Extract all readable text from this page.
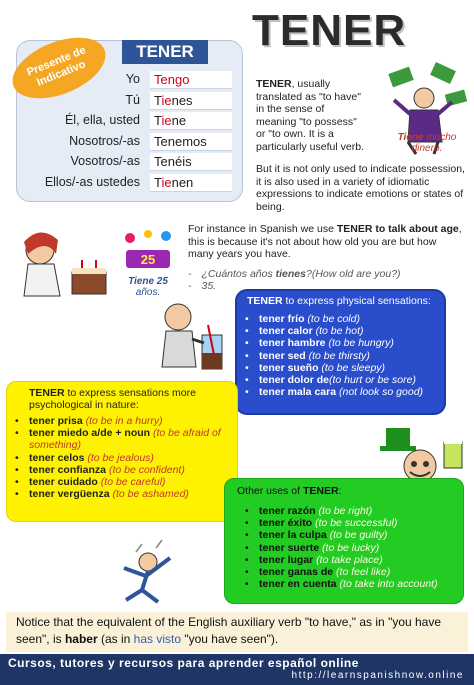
TENER
TENER
Presente de Indicativo	Yo	Tengo
Tú	Tienes
Él, ella, usted	Tiene
Nosotros/-as	Tenemos
Vosotros/-as	Tenéis
Ellos/-as ustedes	Tienen
TENER, usually translated as "to have" in the sense of meaning "to possess" or "to own. It is a particularly useful verb.
Tiene mucho
dinero.
But it is not only used to indicate possession, it is also used in a variety of idiomatic expressions to indicate emotions or states of being.
25
Tiene 25
años.
For instance in Spanish we use TENER to talk about age, this is because it's not about how old you are but how many years you have.
- ¿Cuántos años tienes?(How old are you?)
- 35.
TENER to express physical sensations:
• tener frío (to be cold)
• tener calor (to be hot)
• tener hambre (to be hungry)
• tener sed (to be thirsty)
• tener sueño (to be sleepy)
• tener dolor de(to hurt or be sore)
• tener mala cara (not look so good)
TENER to express sensations more psychological in nature:
• tener prisa (to be in a hurry)
• tener miedo a/de + noun (to be afraid of something)
• tener celos (to be jealous)
• tener confianza (to be confident)
• tener cuidado (to be careful)
• tener vergüenza (to be ashamed)	Other uses of TENER:
• tener razón (to be right)
• tener éxito (to be successful)
• tener la culpa (to be guilty)
• tener suerte (to be lucky)
• tener lugar (to take place)
• tener ganas de (to feel like)
• tener en cuenta (to take into account)
Notice that the equivalent of the English auxiliary verb "to have," as in "you have seen", is haber (as in has visto "you have seen").
Cursos, tutores y recursos para aprender español online
http://learnspanishnow.online
